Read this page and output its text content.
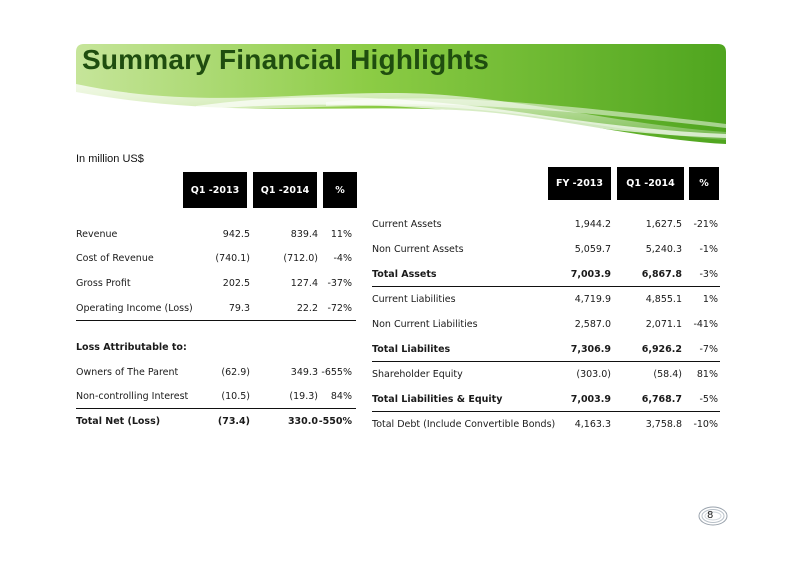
Summary Financial Highlights
In million US$
Q1 -2013	Q1 -2014	%
Revenue	942.5	839.4 11%
Cost of Revenue	(740.1)	(712.0) -4%
Gross Profit	202.5	127.4 -37%
Operating Income (Loss)	79.3	22.2 -72%
Loss Attributable to:
Owners of The Parent	(62.9)	349.3 -655%
Non-controlling Interest	(10.5)	(19.3) 84%
Total Net (Loss)	(73.4)	330.0 -550%
FY -2013	Q1 -2014	%
Current Assets	1,944.2	1,627.5 -21%
Non Current Assets	5,059.7	5,240.3 -1%
Total Assets	7,003.9	6,867.8 -3%
Current Liabilities	4,719.9	4,855.1 1%
Non Current Liabilities	2,587.0	2,071.1 -41%
Total Liabilites	7,306.9	6,926.2 -7%
Shareholder Equity	(303.0)	(58.4) 81%
Total Liabilities & Equity	7,003.9	6,768.7 -5%
Total Debt (Include Convertible Bonds) 4,163.3	3,758.8 -10%
8
